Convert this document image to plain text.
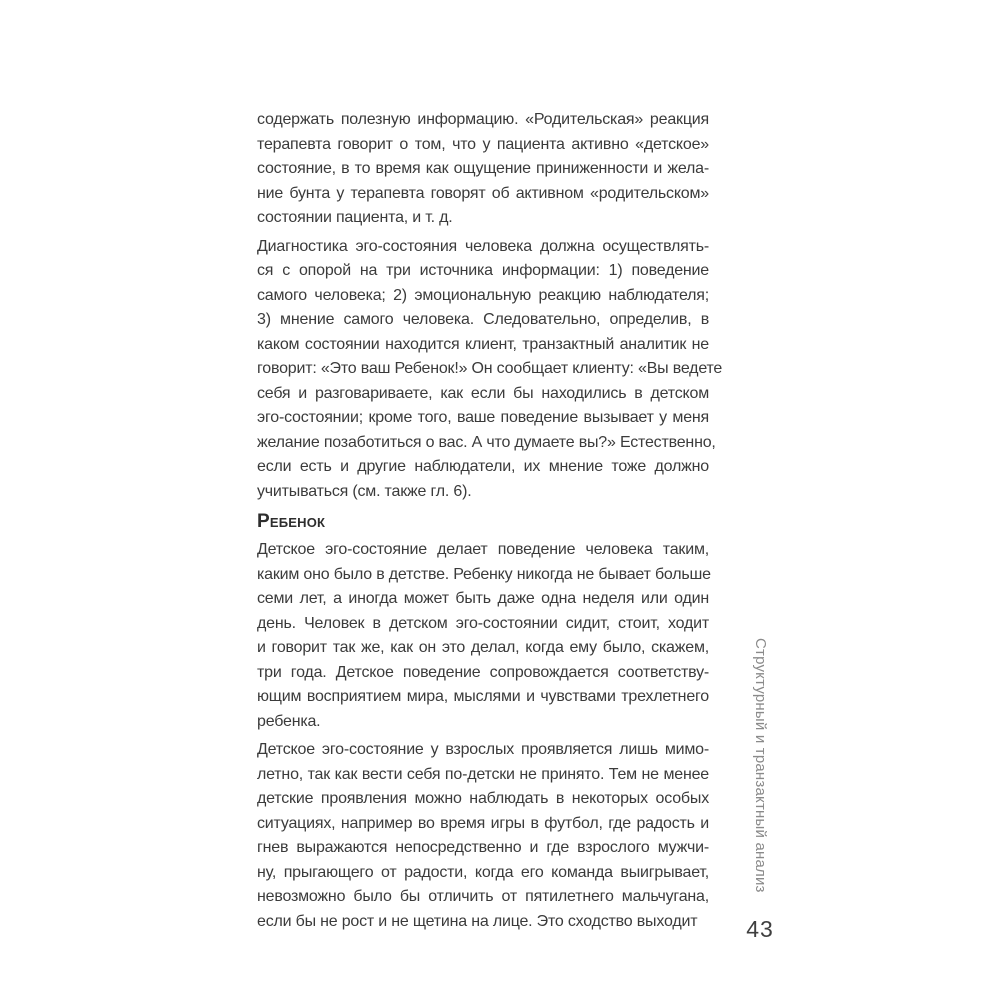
содержать полезную информацию. «Родительская» реакция
терапевта говорит о том, что у пациента активно «детское»
состояние, в то время как ощущение приниженности и жела-
ние бунта у терапевта говорят об активном «родительском»
состоянии пациента, и т. д.
Диагностика эго-состояния человека должна осуществлять-
ся с опорой на три источника информации: 1) поведение
самого человека; 2) эмоциональную реакцию наблюдателя;
3) мнение самого человека. Следовательно, определив, в
каком состоянии находится клиент, транзактный аналитик не
говорит: «Это ваш Ребенок!» Он сообщает клиенту: «Вы ведете
себя и разговариваете, как если бы находились в детском
эго-состоянии; кроме того, ваше поведение вызывает у меня
желание позаботиться о вас. А что думаете вы?» Естественно,
если есть и другие наблюдатели, их мнение тоже должно
учитываться (см. также гл. 6).
Ребенок
Детское эго-состояние делает поведение человека таким,
каким оно было в детстве. Ребенку никогда не бывает больше
семи лет, а иногда может быть даже одна неделя или один
день. Человек в детском эго-состоянии сидит, стоит, ходит
и говорит так же, как он это делал, когда ему было, скажем,
три года. Детское поведение сопровождается соответству-
ющим восприятием мира, мыслями и чувствами трехлетнего
ребенка.
Детское эго-состояние у взрослых проявляется лишь мимо-
летно, так как вести себя по-детски не принято. Тем не менее
детские проявления можно наблюдать в некоторых особых
ситуациях, например во время игры в футбол, где радость и
гнев выражаются непосредственно и где взрослого мужчи-
ну, прыгающего от радости, когда его команда выигрывает,
невозможно было бы отличить от пятилетнего мальчугана,
если бы не рост и не щетина на лице. Это сходство выходит
Структурный и транзактный анализ
43
